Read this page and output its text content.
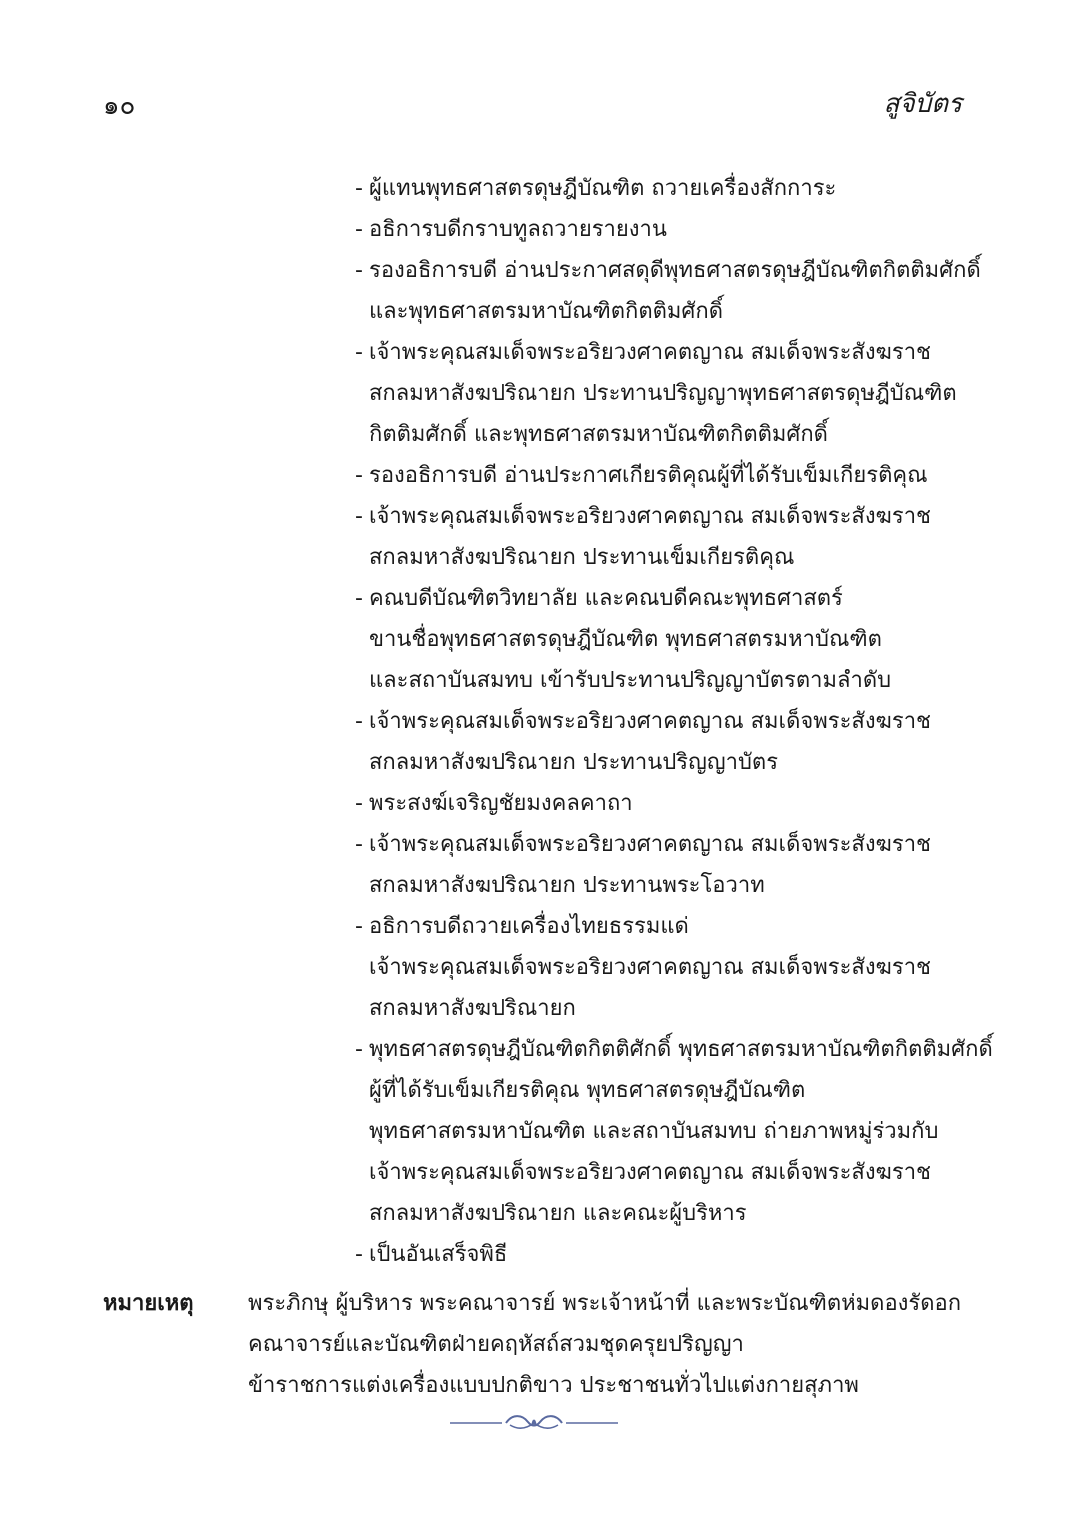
๑๐	สูจิบัตร
- ผู้แทนพุทธศาสตรดุษฎีบัณฑิต ถวายเครื่องสักการะ
- อธิการบดีกราบทูลถวายรายงาน
- รองอธิการบดี อ่านประกาศสดุดีพุทธศาสตรดุษฎีบัณฑิตกิตติมศักดิ์
และพุทธศาสตรมหาบัณฑิตกิตติมศักดิ์
- เจ้าพระคุณสมเด็จพระอริยวงศาคตญาณ สมเด็จพระสังฆราช
สกลมหาสังฆปริณายก ประทานปริญญาพุทธศาสตรดุษฎีบัณฑิต
กิตติมศักดิ์ และพุทธศาสตรมหาบัณฑิตกิตติมศักดิ์
- รองอธิการบดี อ่านประกาศเกียรติคุณผู้ที่ได้รับเข็มเกียรติคุณ
- เจ้าพระคุณสมเด็จพระอริยวงศาคตญาณ สมเด็จพระสังฆราช
สกลมหาสังฆปริณายก ประทานเข็มเกียรติคุณ
- คณบดีบัณฑิตวิทยาลัย และคณบดีคณะพุทธศาสตร์
ขานชื่อพุทธศาสตรดุษฎีบัณฑิต พุทธศาสตรมหาบัณฑิต
และสถาบันสมทบ เข้ารับประทานปริญญาบัตรตามลำดับ
- เจ้าพระคุณสมเด็จพระอริยวงศาคตญาณ สมเด็จพระสังฆราช
สกลมหาสังฆปริณายก ประทานปริญญาบัตร
- พระสงฆ์เจริญชัยมงคลคาถา
- เจ้าพระคุณสมเด็จพระอริยวงศาคตญาณ สมเด็จพระสังฆราช
สกลมหาสังฆปริณายก ประทานพระโอวาท
- อธิการบดีถวายเครื่องไทยธรรมแด่
เจ้าพระคุณสมเด็จพระอริยวงศาคตญาณ สมเด็จพระสังฆราช
สกลมหาสังฆปริณายก
- พุทธศาสตรดุษฎีบัณฑิตกิตติศักดิ์ พุทธศาสตรมหาบัณฑิตกิตติมศักดิ์
ผู้ที่ได้รับเข็มเกียรติคุณ พุทธศาสตรดุษฎีบัณฑิต
พุทธศาสตรมหาบัณฑิต และสถาบันสมทบ ถ่ายภาพหมู่ร่วมกับ
เจ้าพระคุณสมเด็จพระอริยวงศาคตญาณ สมเด็จพระสังฆราช
สกลมหาสังฆปริณายก และคณะผู้บริหาร
- เป็นอันเสร็จพิธี
หมายเหตุ พระภิกษุ ผู้บริหาร พระคณาจารย์ พระเจ้าหน้าที่ และพระบัณฑิตห่มดองรัดอก
คณาจารย์และบัณฑิตฝ่ายคฤหัสถ์สวมชุดครุยปริญญา
ข้าราชการแต่งเครื่องแบบปกติขาว ประชาชนทั่วไปแต่งกายสุภาพ
